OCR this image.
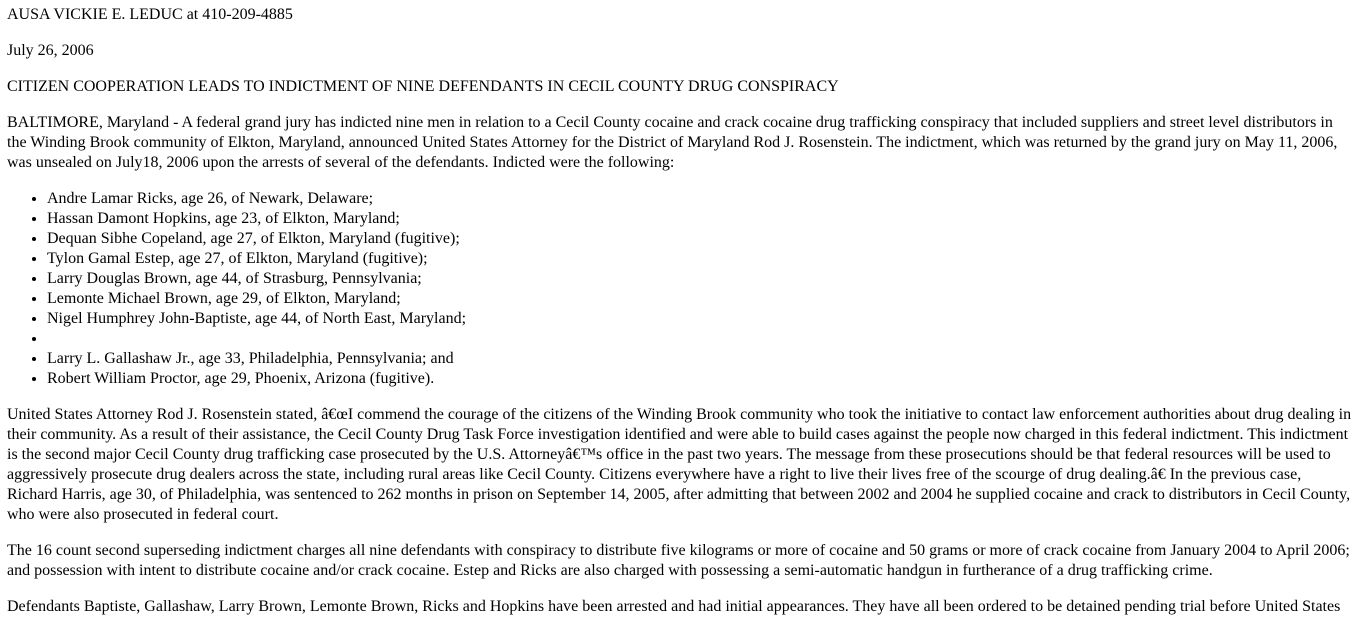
AUSA VICKIE E. LEDUC at 410-209-4885

July 26, 2006

CITIZEN COOPERATION LEADS TO INDICTMENT OF NINE DEFENDANTS IN CECIL COUNTY DRUG CONSPIRACY

BALTIMORE, Maryland - A federal grand jury has indicted nine men in relation to a Cecil County cocaine and crack cocaine drug trafficking conspiracy that included suppliers and street level distributors in the Winding Brook community of Elkton, Maryland, announced United States Attorney for the District of Maryland Rod J. Rosenstein. The indictment, which was returned by the grand jury on May 11, 2006, was unsealed on July18, 2006 upon the arrests of several of the defendants. Indicted were the following:

• Andre Lamar Ricks, age 26, of Newark, Delaware;
• Hassan Damont Hopkins, age 23, of Elkton, Maryland;
• Dequan Sibhe Copeland, age 27, of Elkton, Maryland (fugitive);
• Tylon Gamal Estep, age 27, of Elkton, Maryland (fugitive);
• Larry Douglas Brown, age 44, of Strasburg, Pennsylvania;
• Lemonte Michael Brown, age 29, of Elkton, Maryland;
• Nigel Humphrey John-Baptiste, age 44, of North East, Maryland;
•
• Larry L. Gallashaw Jr., age 33, Philadelphia, Pennsylvania; and
• Robert William Proctor, age 29, Phoenix, Arizona (fugitive).

United States Attorney Rod J. Rosenstein stated, â€œI commend the courage of the citizens of the Winding Brook community who took the initiative to contact law enforcement authorities about drug dealing in their community. As a result of their assistance, the Cecil County Drug Task Force investigation identified and were able to build cases against the people now charged in this federal indictment. This indictment is the second major Cecil County drug trafficking case prosecuted by the U.S. Attorneyâ€™s office in the past two years. The message from these prosecutions should be that federal resources will be used to aggressively prosecute drug dealers across the state, including rural areas like Cecil County. Citizens everywhere have a right to live their lives free of the scourge of drug dealing.â€ In the previous case, Richard Harris, age 30, of Philadelphia, was sentenced to 262 months in prison on September 14, 2005, after admitting that between 2002 and 2004 he supplied cocaine and crack to distributors in Cecil County, who were also prosecuted in federal court.

The 16 count second superseding indictment charges all nine defendants with conspiracy to distribute five kilograms or more of cocaine and 50 grams or more of crack cocaine from January 2004 to April 2006; and possession with intent to distribute cocaine and/or crack cocaine. Estep and Ricks are also charged with possessing a semi-automatic handgun in furtherance of a drug trafficking crime.

Defendants Baptiste, Gallashaw, Larry Brown, Lemonte Brown, Ricks and Hopkins have been arrested and had initial appearances. They have all been ordered to be detained pending trial before United States
